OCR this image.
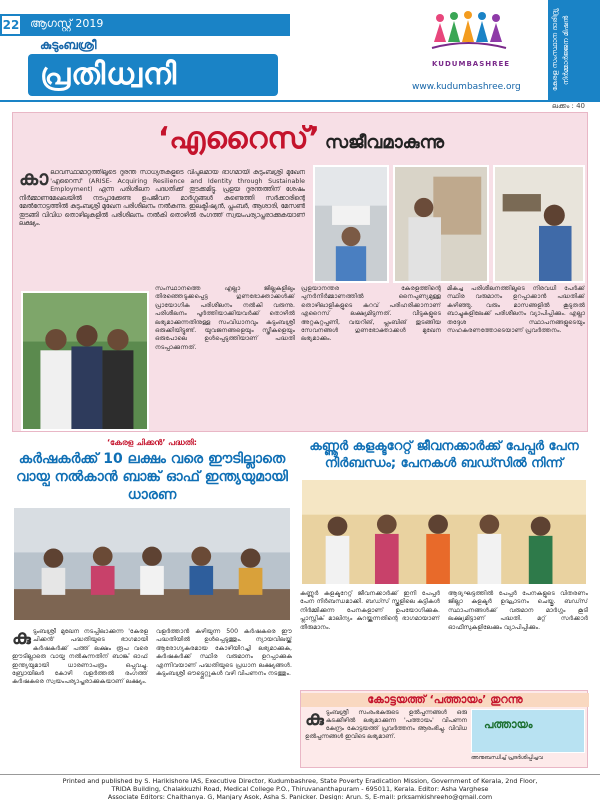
22 ആഗസ്റ്റ് 2019
കുടുംബശ്രീ
പ്രതിധ്വനി	KUDUMBASHREE
www.kudumbashree.org	കേരള സംസ്ഥാന ദാരിദ്ര്യ നിർമ്മാർജ്ജന മിഷൻ
ലക്കം : 40
‘എറൈസ്’ സജീവമാകുന്നു
കാ ലാവസ്ഥാമാറ്റത്തിലൂടെ ദുരന്ത സാധ്യതകളുടെ വിപുലമായ ഭാഗമായി കുടുംബശ്രീ മുഖേന 'എറൈസ്' (ARISE- Acquiring Resilience and Identity through Sustainable Employment) എന്ന പരിശീലന പദ്ധതിക്ക് തുടക്കമിട്ടു. പ്രളയ ദുരന്തത്തിന് ശേഷം നിർമ്മാണമേഖലയിൽ നടപ്പാക്കേണ്ട ഉപജീവന മാർഗ്ഗങ്ങൾ കണ്ടെത്തി സർക്കാരിന്റെ മേൽനോട്ടത്തിൽ കുടുംബശ്രീ മുഖേന പരിശീലനം നൽകുന്നു. ഇലക്ട്രീഷ്യൻ, പ്ലംബർ, ആശാരി, മേസൺ തുടങ്ങി വിവിധ തൊഴിലുകളിൽ പരിശീലനം നൽകി തൊഴിൽ രംഗത്ത് സ്വയംപര്യാപ്തരാക്കുകയാണ് ലക്ഷ്യം.
സംസ്ഥാനത്തെ എല്ലാ ജില്ലകളിലും തിരഞ്ഞെടുക്കപ്പെട്ട ഗുണഭോക്താക്കൾക്ക് പ്രായോഗിക പരിശീലനം നൽകി വരുന്നു. പരിശീലനം പൂർത്തിയാക്കിയവർക്ക് തൊഴിൽ ലഭ്യമാക്കുന്നതിനുള്ള സംവിധാനവും കുടുംബശ്രീ ഒരുക്കിയിട്ടുണ്ട്. യുവജനങ്ങളെയും സ്ത്രീകളെയും ഒരുപോലെ ഉൾപ്പെടുത്തിയാണ് പദ്ധതി നടപ്പാക്കുന്നത്.
പ്രളയാനന്തര കേരളത്തിന്റെ പുനർനിർമ്മാണത്തിൽ നൈപുണ്യമുള്ള തൊഴിലാളികളുടെ കുറവ് പരിഹരിക്കാനാണ് എറൈസ് ലക്ഷ്യമിടുന്നത്. വീടുകളുടെ അറ്റകുറ്റപ്പണി, വയറിങ്, പ്ലംബിങ് തുടങ്ങിയ സേവനങ്ങൾ ഗുണഭോക്താക്കൾ മുഖേന ലഭ്യമാക്കും.
മികച്ച പരിശീലനത്തിലൂടെ നിരവധി പേർക്ക് സ്ഥിര വരുമാനം ഉറപ്പാക്കാൻ പദ്ധതിക്ക് കഴിഞ്ഞു. വരും മാസങ്ങളിൽ കൂടുതൽ ബാച്ചുകളിലേക്ക് പരിശീലനം വ്യാപിപ്പിക്കും. എല്ലാ തദ്ദേശ സ്ഥാപനങ്ങളുടെയും സഹകരണത്തോടെയാണ് പ്രവർത്തനം.
‘കേരള ചിക്കൻ’ പദ്ധതി:
കർഷകർക്ക് 10 ലക്ഷം വരെ ഈടില്ലാതെ വായ്പ നൽകാൻ ബാങ്ക് ഓഫ് ഇന്ത്യയുമായി ധാരണ
കു ടുംബശ്രീ മുഖേന നടപ്പിലാക്കുന്ന 'കേരള ചിക്കൻ' പദ്ധതിയുടെ ഭാഗമായി കർഷകർക്ക് പത്ത് ലക്ഷം രൂപ വരെ ഈടില്ലാതെ വായ്പ നൽകുന്നതിന് ബാങ്ക് ഓഫ് ഇന്ത്യയുമായി ധാരണാപത്രം ഒപ്പുവച്ചു. ബ്രോയിലർ കോഴി വളർത്തൽ രംഗത്ത് കർഷകരെ സ്വയംപര്യാപ്തരാക്കുകയാണ് ലക്ഷ്യം.
വളർത്താൻ കഴിയുന്ന 500 കർഷകരെ ഈ പദ്ധതിയിൽ ഉൾപ്പെടുത്തും. ന്യായവിലയ്ക്ക് ആരോഗ്യകരമായ കോഴിയിറച്ചി ലഭ്യമാക്കുക, കർഷകർക്ക് സ്ഥിര വരുമാനം ഉറപ്പാക്കുക എന്നിവയാണ് പദ്ധതിയുടെ പ്രധാന ലക്ഷ്യങ്ങൾ. കുടുംബശ്രീ ഔട്ട്ലെറ്റുകൾ വഴി വിപണനം നടത്തും.
കണ്ണൂർ കളക്ടറേറ്റ് ജീവനക്കാർക്ക് പേപ്പർ പേന നിർബന്ധം; പേനകൾ ബഡ്സിൽ നിന്ന്
കണ്ണൂർ കളക്ടറേറ്റ് ജീവനക്കാർക്ക് ഇനി പേപ്പർ പേന നിർബന്ധമാക്കി. ബഡ്സ് സ്കൂളിലെ കുട്ടികൾ നിർമ്മിക്കുന്ന പേനകളാണ് ഉപയോഗിക്കുക. പ്ലാസ്റ്റിക് മാലിന്യം കുറയ്ക്കുന്നതിന്റെ ഭാഗമായാണ് തീരുമാനം.
ആദ്യഘട്ടത്തിൽ പേപ്പർ പേനകളുടെ വിതരണം ജില്ലാ കളക്ടർ ഉദ്ഘാടനം ചെയ്തു. ബഡ്സ് സ്ഥാപനങ്ങൾക്ക് വരുമാന മാർഗ്ഗം കൂടി ലക്ഷ്യമിട്ടാണ് പദ്ധതി. മറ്റ് സർക്കാർ ഓഫീസുകളിലേക്കും വ്യാപിപ്പിക്കും.
കോട്ടയത്ത് ‘പത്തായം’ തുറന്നു
കു ടുംബശ്രീ സംരംഭകരുടെ ഉൽപ്പന്നങ്ങൾ ഒരു കുടക്കീഴിൽ ലഭ്യമാക്കുന്ന 'പത്തായം' വിപണന കേന്ദ്രം കോട്ടയത്ത് പ്രവർത്തനം ആരംഭിച്ചു. വിവിധ ഉൽപ്പന്നങ്ങൾ ഇവിടെ ലഭ്യമാണ്.
പത്തായം
അനുബന്ധിച്ച് പ്രദർശിപ്പിച്ചവ
Printed and published by S. Harikishore IAS, Executive Director, Kudumbashree, State Poverty Eradication Mission, Government of Kerala, 2nd Floor,
TRIDA Building, Chalakkuzhi Road, Medical College P.O., Thiruvananthapuram - 695011, Kerala. Editor: Asha Varghese
Associate Editors: Chaithanya. G, Manjary Asok, Asha S. Panicker. Design: Arun. S, E-mail: prksamkishreeho@gmail.com
